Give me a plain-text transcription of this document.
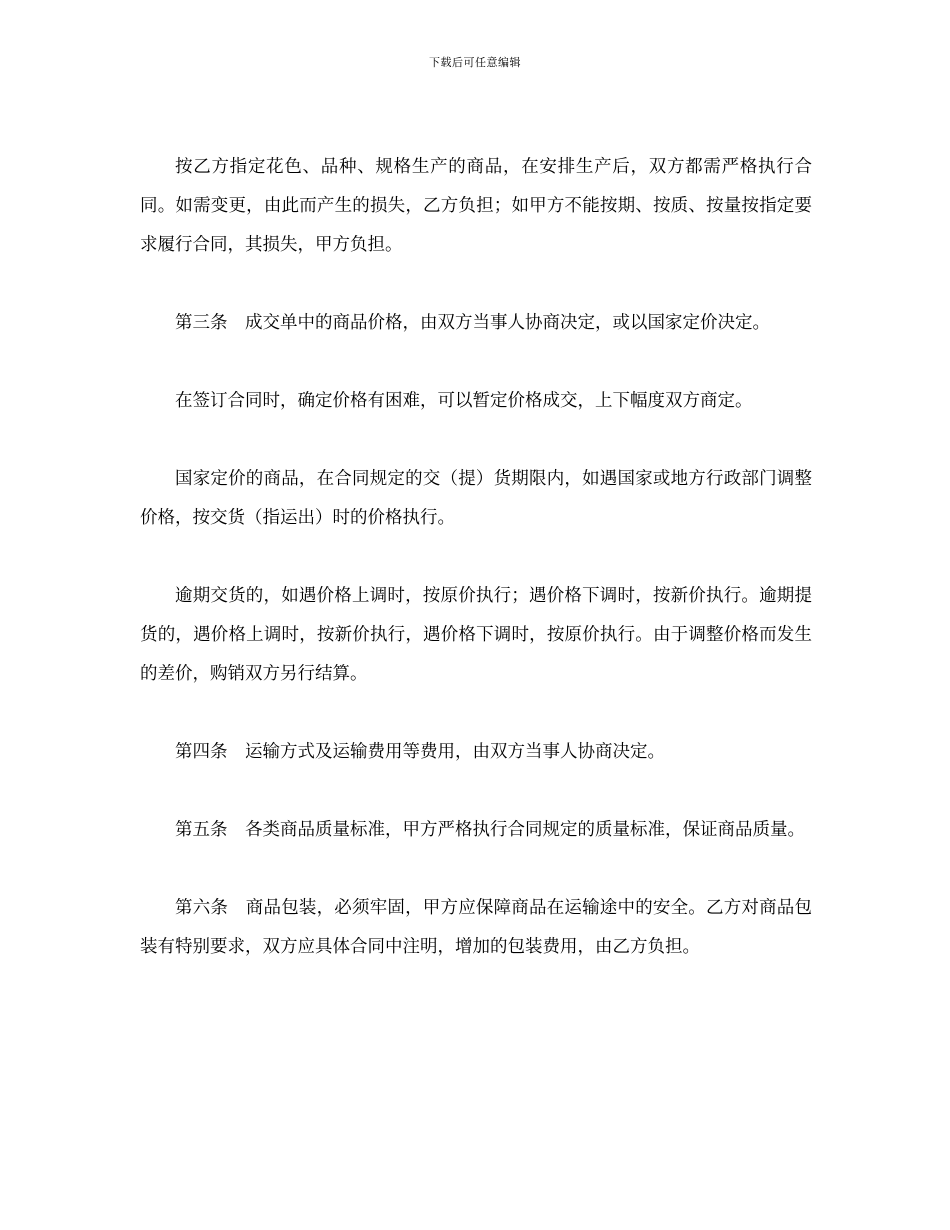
下载后可任意编辑

按乙方指定花色、品种、规格生产的商品，在安排生产后，双方都需严格执行合同。如需变更，由此而产生的损失，乙方负担；如甲方不能按期、按质、按量按指定要求履行合同，其损失，甲方负担。

第三条　成交单中的商品价格，由双方当事人协商决定，或以国家定价决定。

在签订合同时，确定价格有困难，可以暂定价格成交，上下幅度双方商定。

国家定价的商品，在合同规定的交（提）货期限内，如遇国家或地方行政部门调整价格，按交货（指运出）时的价格执行。

逾期交货的，如遇价格上调时，按原价执行；遇价格下调时，按新价执行。逾期提货的，遇价格上调时，按新价执行，遇价格下调时，按原价执行。由于调整价格而发生的差价，购销双方另行结算。

第四条　运输方式及运输费用等费用，由双方当事人协商决定。

第五条　各类商品质量标准，甲方严格执行合同规定的质量标准，保证商品质量。

第六条　商品包装，必须牢固，甲方应保障商品在运输途中的安全。乙方对商品包装有特别要求，双方应具体合同中注明，增加的包装费用，由乙方负担。
